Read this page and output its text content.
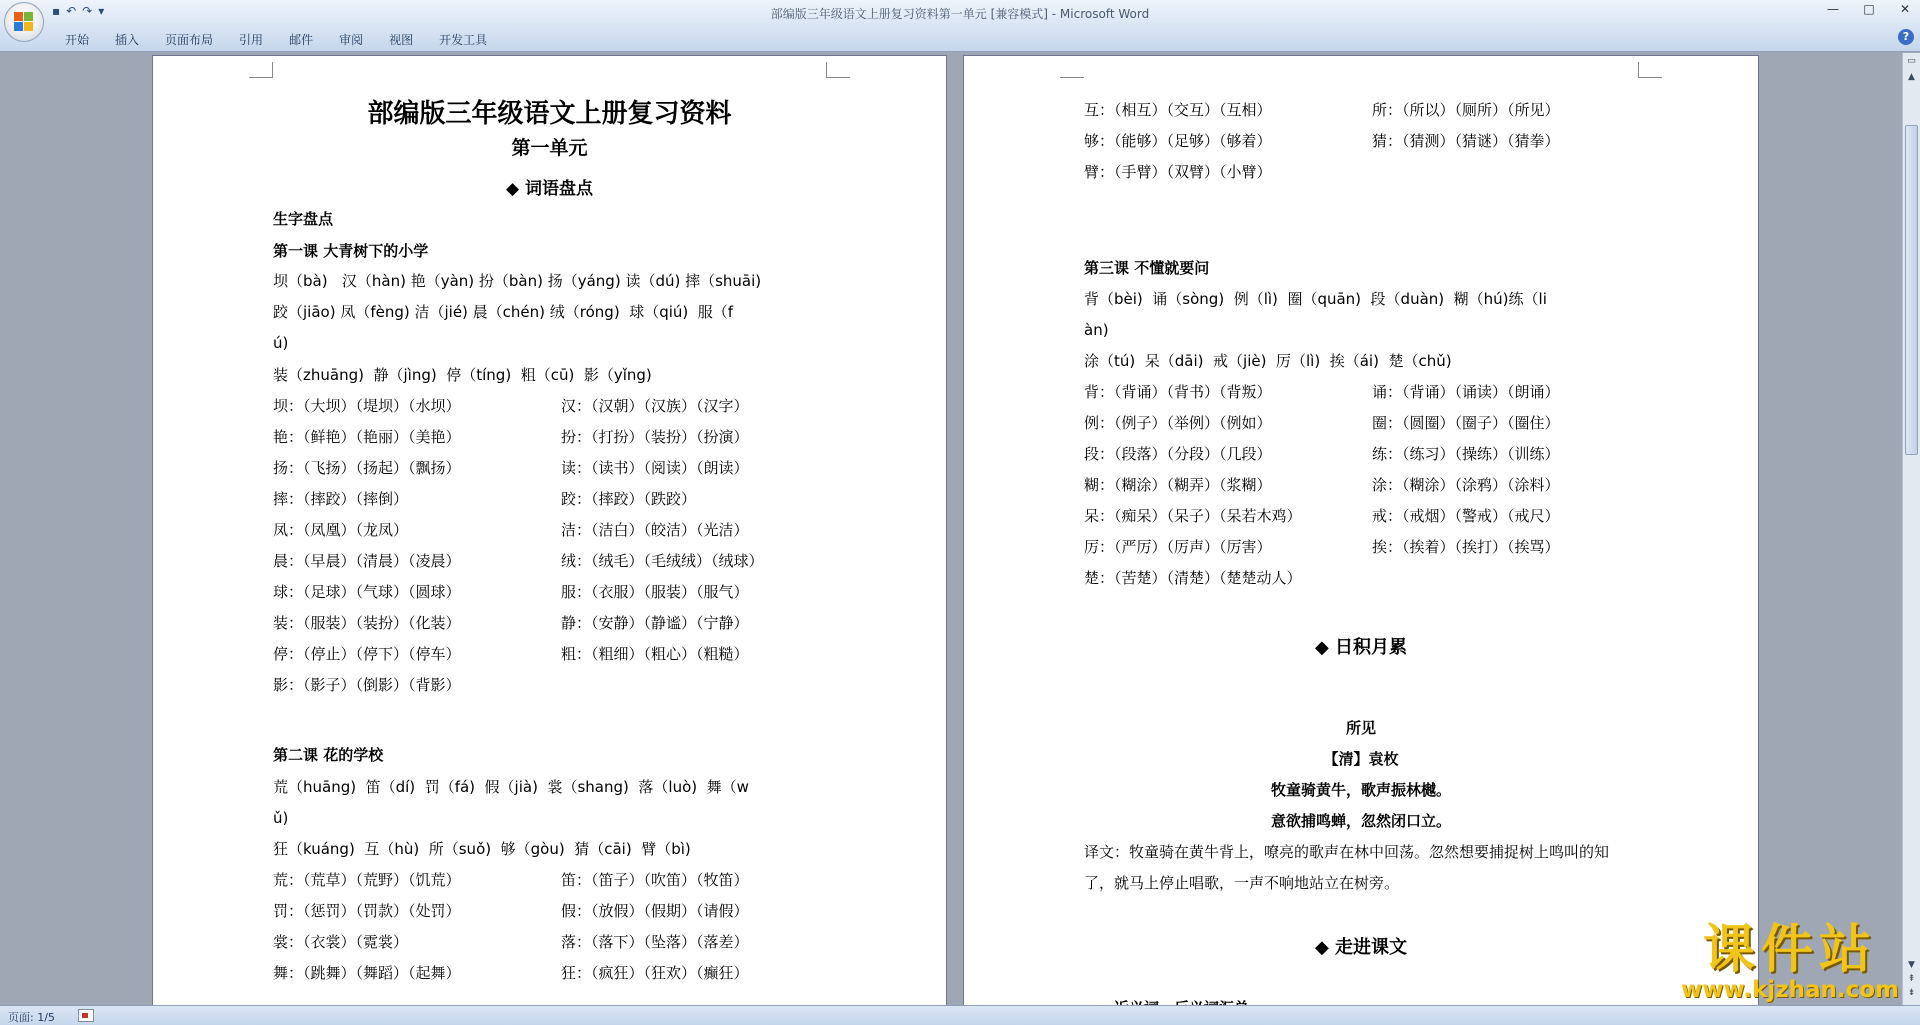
部编版三年级语文上册复习资料第一单元 [兼容模式] - Microsoft Word
▪ ↶ ↷ ▾	—	□	✕
开始	插入	页面布局	引用	邮件	审阅	视图	开发工具	?
部编版三年级语文上册复习资料
第一单元
◆ 词语盘点
生字盘点
第一课 大青树下的小学
坝（bà)   汉（hàn) 艳（yàn) 扮（bàn) 扬（yáng) 读（dú) 摔（shuāi)
跤（jiāo) 凤（fèng) 洁（jié) 晨（chén) 绒（róng)  球（qiú)  服（f
ú)
装（zhuāng)  静（jìng)  停（tíng)  粗（cū)  影（yǐng)
坝：（大坝）（堤坝）（水坝）	汉：（汉朝）（汉族）（汉字）
艳：（鲜艳）（艳丽）（美艳）	扮：（打扮）（装扮）（扮演）
扬：（飞扬）（扬起）（飘扬）	读：（读书）（阅读）（朗读）
摔：（摔跤）（摔倒）	跤：（摔跤）（跌跤）
凤：（凤凰）（龙凤）	洁：（洁白）（皎洁）（光洁）
晨：（早晨）（清晨）（凌晨）	绒：（绒毛）（毛绒绒）（绒球）
球：（足球）（气球）（圆球）	服：（衣服）（服装）（服气）
装：（服装）（装扮）（化装）	静：（安静）（静谧）（宁静）
停：（停止）（停下）（停车）	粗：（粗细）（粗心）（粗糙）
影：（影子）（倒影）（背影）
第二课 花的学校
荒（huāng)  笛（dí)  罚（fá)  假（jià)  裳（shang)  落（luò)  舞（w
ǔ)
狂（kuáng)  互（hù)  所（suǒ)  够（gòu)  猜（cāi)  臂（bì)
荒：（荒草）（荒野）（饥荒）	笛：（笛子）（吹笛）（牧笛）
罚：（惩罚）（罚款）（处罚）	假：（放假）（假期）（请假）
裳：（衣裳）（霓裳）	落：（落下）（坠落）（落差）
舞：（跳舞）（舞蹈）（起舞）	狂：（疯狂）（狂欢）（癫狂）
互：（相互）（交互）（互相）	所：（所以）（厕所）（所见）
够：（能够）（足够）（够着）	猜：（猜测）（猜谜）（猜拳）
臂：（手臂）（双臂）（小臂）
第三课 不懂就要问
背（bèi)  诵（sòng)  例（lì)  圈（quān)  段（duàn)  糊（hú)练（li
àn)
涂（tú)  呆（dāi)  戒（jiè)  厉（lì)  挨（ái)  楚（chǔ)
背：（背诵）（背书）（背叛）	诵：（背诵）（诵读）（朗诵）
例：（例子）（举例）（例如）	圈：（圆圈）（圈子）（圈住）
段：（段落）（分段）（几段）	练：（练习）（操练）（训练）
糊：（糊涂）（糊弄）（浆糊）	涂：（糊涂）（涂鸦）（涂料）
呆：（痴呆）（呆子）（呆若木鸡）	戒：（戒烟）（警戒）（戒尺）
厉：（严厉）（厉声）（厉害）	挨：（挨着）（挨打）（挨骂）
楚：（苦楚）（清楚）（楚楚动人）
◆ 日积月累
所见
【清】袁枚
牧童骑黄牛，歌声振林樾。
意欲捕鸣蝉，忽然闭口立。
译文：牧童骑在黄牛背上，嘹亮的歌声在林中回荡。忽然想要捕捉树上鸣叫的知
了，就马上停止唱歌，一声不响地站立在树旁。
◆ 走进课文
▭
▲
▼
⇞
⇟
课件站
www.kjzhan.com
页面: 1/5
